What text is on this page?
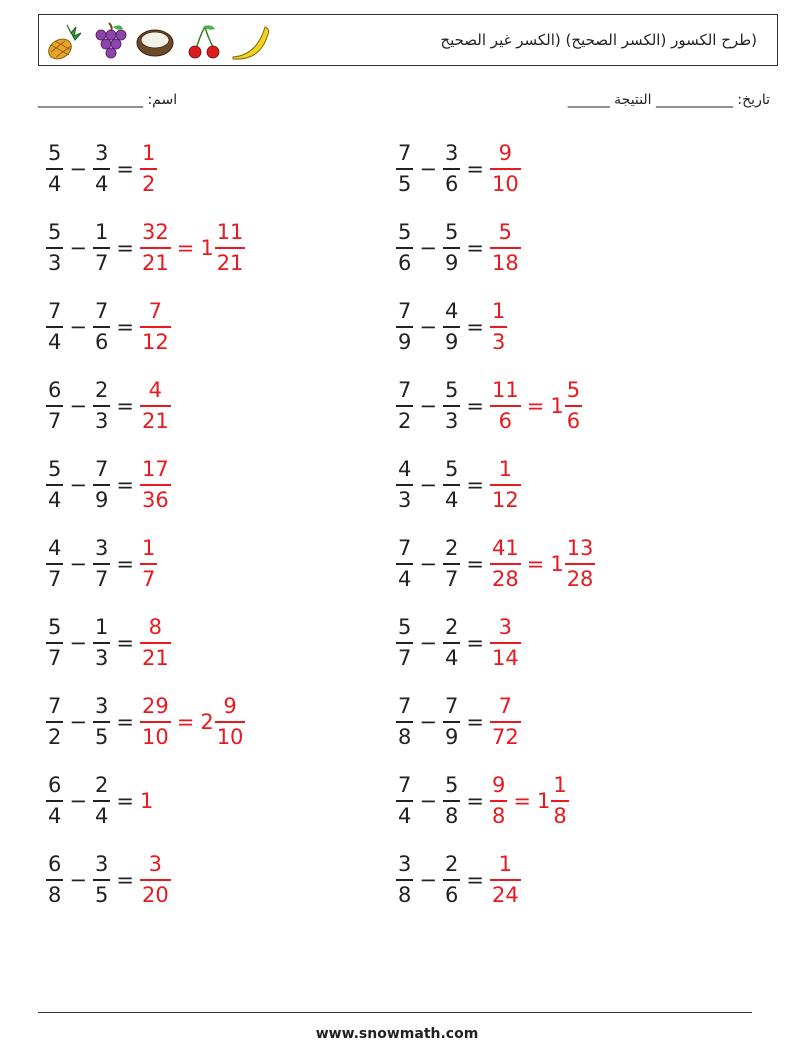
(طرح الكسور (الكسر الصحيح) (الكسر غير الصحيح
اسم: _______________	تاريخ: ___________ النتيجة ______
$\frac{5}{4} - \frac{3}{4} = \frac{1}{2}$	$\frac{7}{5} - \frac{3}{6} = \frac{9}{10}$
$\frac{5}{3} - \frac{1}{7} = \frac{32}{21} = 1 \frac{11}{21}$	$\frac{5}{6} - \frac{5}{9} = \frac{5}{18}$
$\frac{7}{4} - \frac{7}{6} = \frac{7}{12}$	$\frac{7}{9} - \frac{4}{9} = \frac{1}{3}$
$\frac{6}{7} - \frac{2}{3} = \frac{4}{21}$	$\frac{7}{2} - \frac{5}{3} = \frac{11}{6} = 1 \frac{5}{6}$
$\frac{5}{4} - \frac{7}{9} = \frac{17}{36}$	$\frac{4}{3} - \frac{5}{4} = \frac{1}{12}$
$\frac{4}{7} - \frac{3}{7} = \frac{1}{7}$	$\frac{7}{4} - \frac{2}{7} = \frac{41}{28} = 1 \frac{13}{28}$
$\frac{5}{7} - \frac{1}{3} = \frac{8}{21}$	$\frac{5}{7} - \frac{2}{4} = \frac{3}{14}$
$\frac{7}{2} - \frac{3}{5} = \frac{29}{10} = 2 \frac{9}{10}$	$\frac{7}{8} - \frac{7}{9} = \frac{7}{72}$
$\frac{6}{4} - \frac{2}{4} = 1$	$\frac{7}{4} - \frac{5}{8} = \frac{9}{8} = 1 \frac{1}{8}$
$\frac{6}{8} - \frac{3}{5} = \frac{3}{20}$	$\frac{3}{8} - \frac{2}{6} = \frac{1}{24}$
www.snowmath.com
